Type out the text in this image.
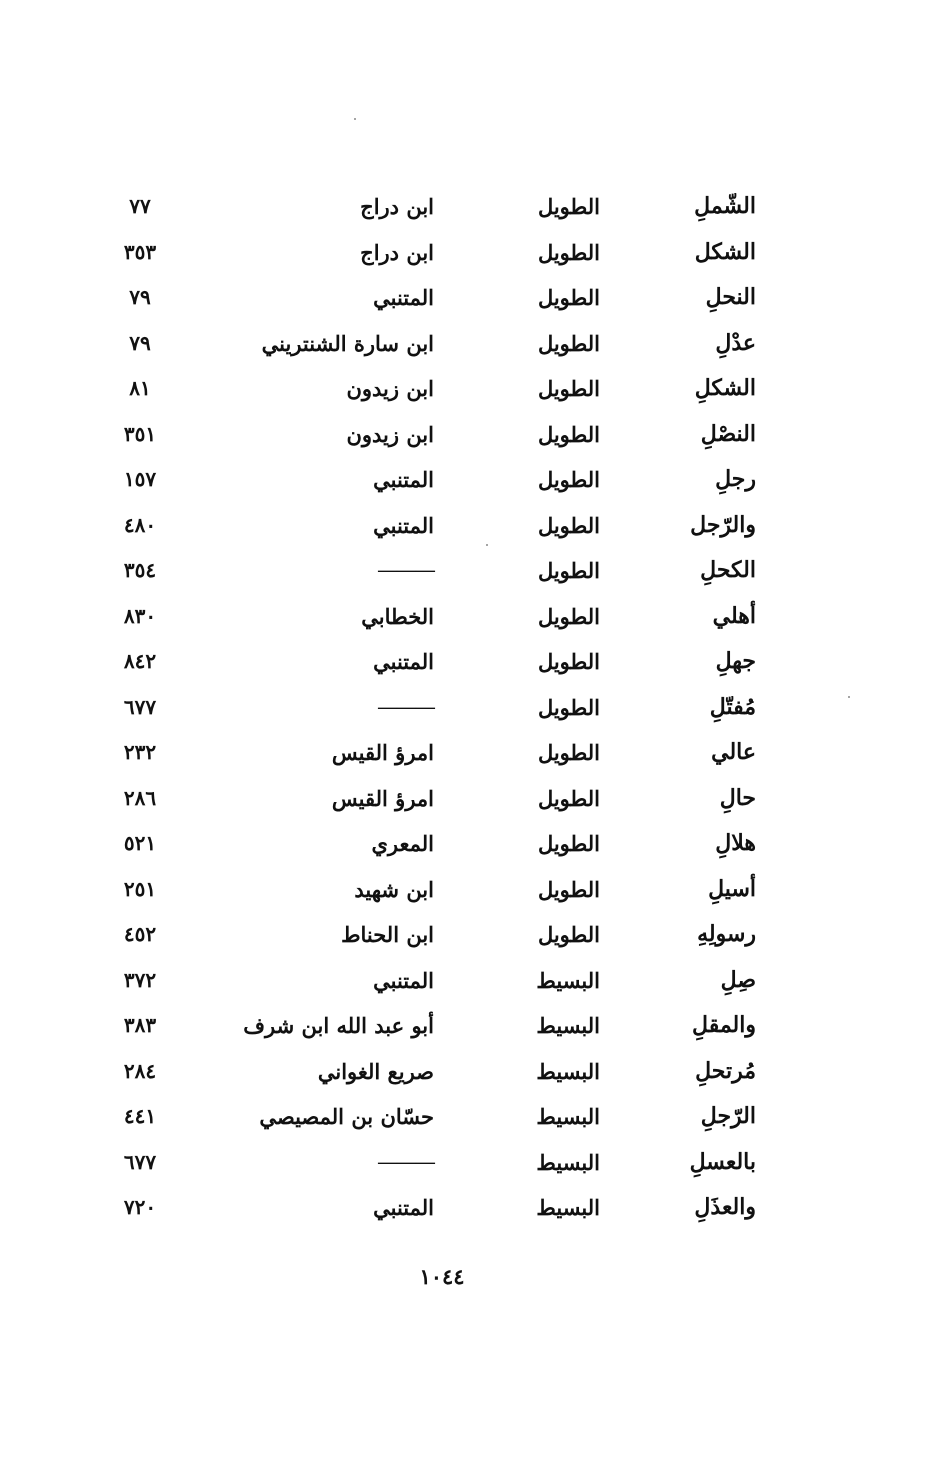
الشّملِ
الطويل
ابن دراج
٧٧
الشكل
الطويل
ابن دراج
٣٥٣
النحلِ
الطويل
المتنبي
٧٩
عدْلِ
الطويل
ابن سارة الشنتريني
٧٩
الشكلِ
الطويل
ابن زيدون
٨١
النصْلِ
الطويل
ابن زيدون
٣٥١
رجلِ
الطويل
المتنبي
١٥٧
والرّجل
الطويل
المتنبي
٤٨٠
الكحلِ
الطويل
———
٣٥٤
أهلي
الطويل
الخطابي
٨٣٠
جهلِ
الطويل
المتنبي
٨٤٢
مُفتّلِ
الطويل
———
٦٧٧
عالي
الطويل
امرؤ القيس
٢٣٢
حالِ
الطويل
امرؤ القيس
٢٨٦
هلالِ
الطويل
المعري
٥٢١
أسيلِ
الطويل
ابن شهيد
٢٥١
رسولِهِ
الطويل
ابن الحناط
٤٥٢
صِلِ
البسيط
المتنبي
٣٧٢
والمقلِ
البسيط
أبو عبد الله ابن شرف
٣٨٣
مُرتحلِ
البسيط
صريع الغواني
٢٨٤
الرّجلِ
البسيط
حسّان بن المصيصي
٤٤١
بالعسلِ
البسيط
———
٦٧٧
والعذَلِ
البسيط
المتنبي
٧٢٠
١٠٤٤
